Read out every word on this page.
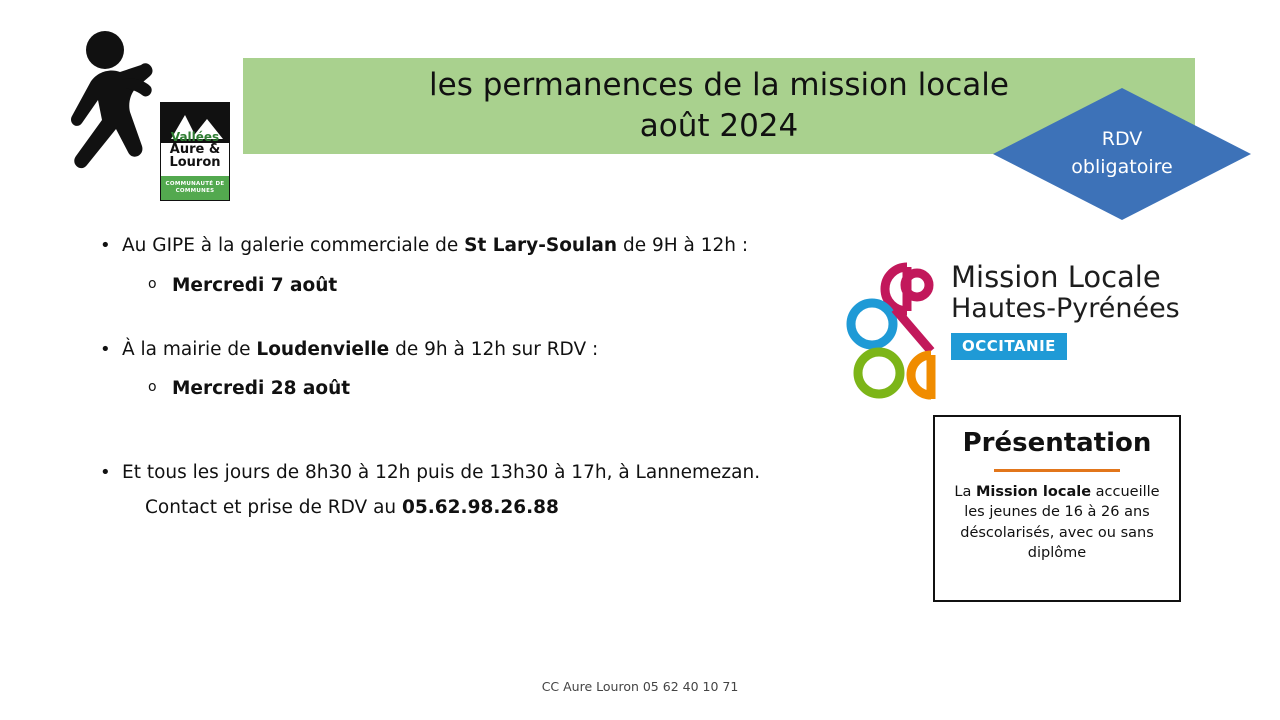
Vallées
Aure &
Louron
COMMUNAUTÉ DE COMMUNES
les permanences de la mission locale
août 2024	RDV
obligatoire
• Au GIPE à la galerie commerciale de St Lary-Soulan de 9H à 12h :
o Mercredi 7 août
• À la mairie de Loudenvielle de 9h à 12h sur RDV :
o Mercredi 28 août
• Et tous les jours de 8h30 à 12h puis de 13h30 à 17h, à Lannemezan.
Contact et prise de RDV au 05.62.98.26.88
Mission Locale
Hautes-Pyrénées
OCCITANIE
Présentation
La Mission locale accueille les jeunes de 16 à 26 ans déscolarisés, avec ou sans diplôme
CC Aure Louron 05 62 40 10 71
